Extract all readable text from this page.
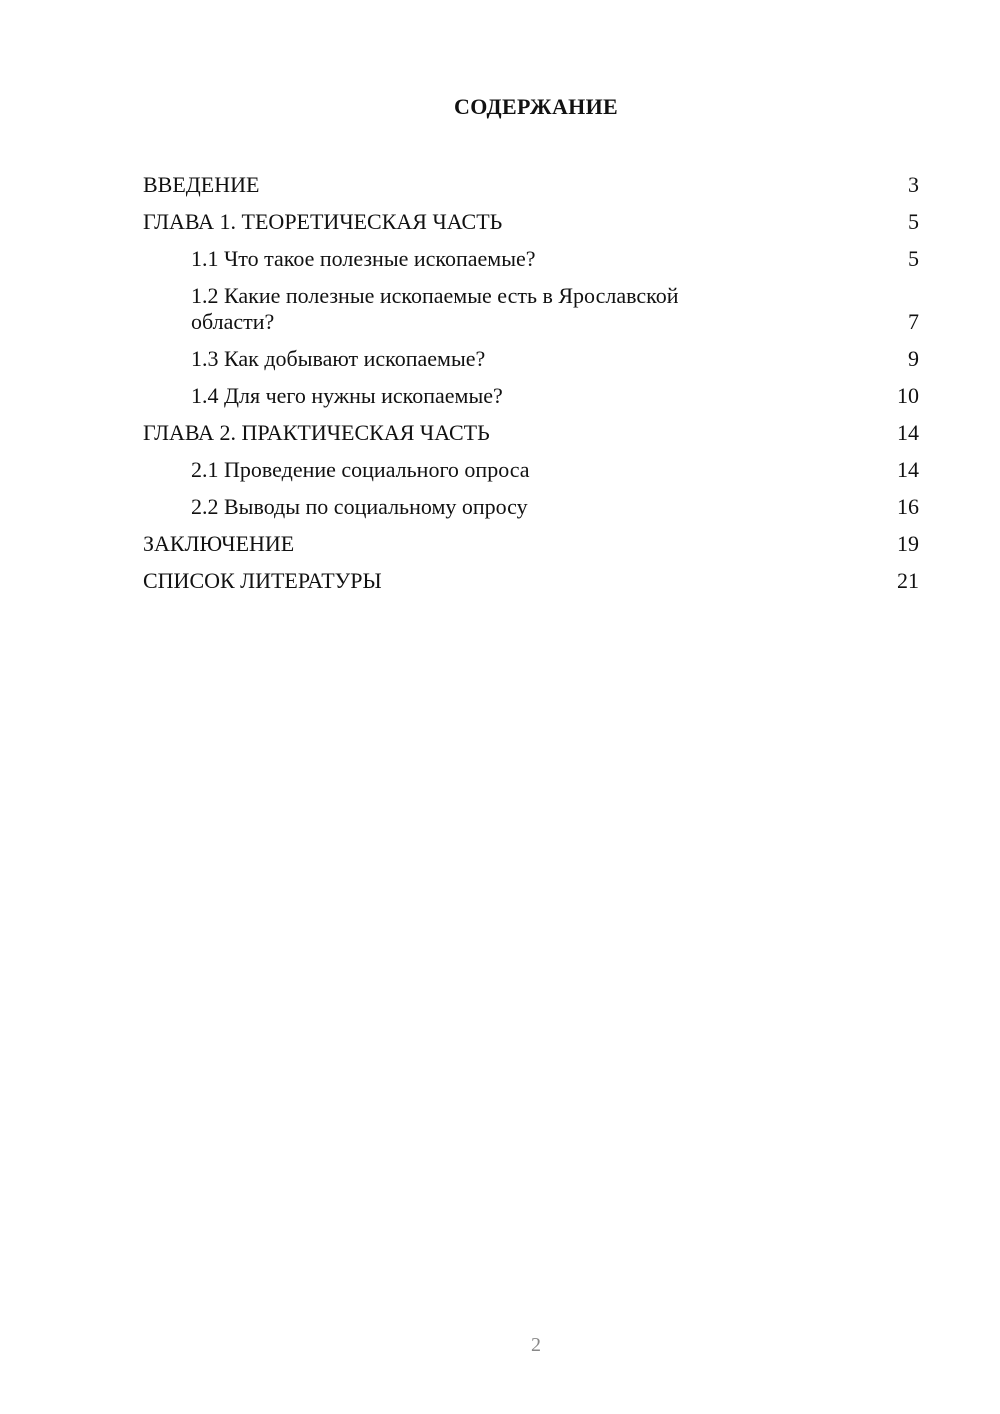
СОДЕРЖАНИЕ
ВВЕДЕНИЕ	3
ГЛАВА 1. ТЕОРЕТИЧЕСКАЯ ЧАСТЬ	5
1.1 Что такое полезные ископаемые?	5
1.2 Какие полезные ископаемые есть в Ярославской области?	7
1.3 Как добывают ископаемые?	9
1.4 Для чего нужны ископаемые?	10
ГЛАВА 2. ПРАКТИЧЕСКАЯ ЧАСТЬ	14
2.1 Проведение социального опроса	14
2.2 Выводы по социальному опросу	16
ЗАКЛЮЧЕНИЕ	19
СПИСОК ЛИТЕРАТУРЫ	21
2
